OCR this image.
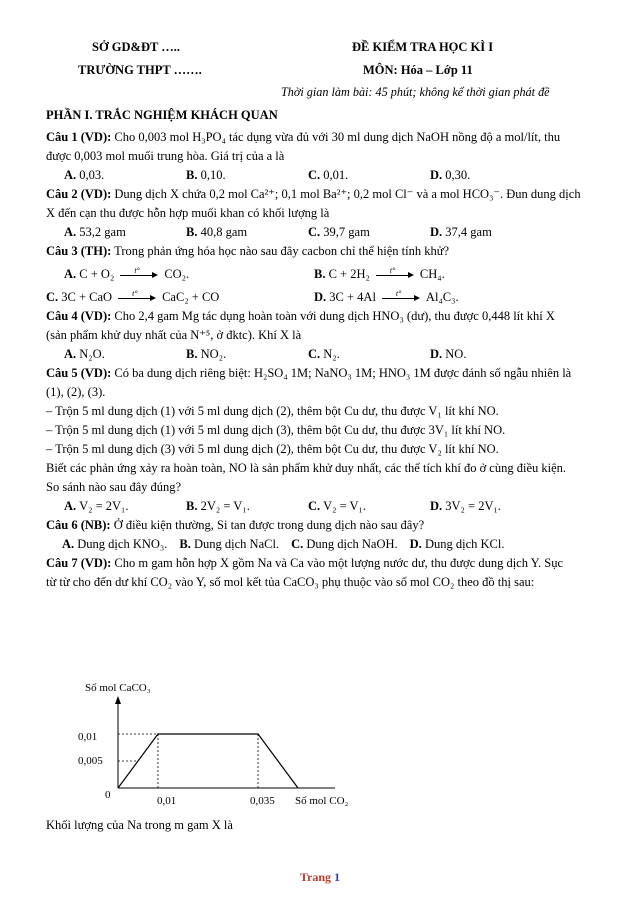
SỞ GD&ĐT …..
TRƯỜNG THPT …….
ĐỀ KIỂM TRA HỌC KÌ I
MÔN: Hóa – Lớp 11
Thời gian làm bài: 45 phút; không kể thời gian phát đề
PHẦN I. TRẮC NGHIỆM KHÁCH QUAN
Câu 1 (VD): Cho 0,003 mol H₃PO₄ tác dụng vừa đủ với 30 ml dung dịch NaOH nồng độ a mol/lít, thu
được 0,003 mol muối trung hòa. Giá trị của a là
A. 0,03.	B. 0,10.	C. 0,01.	D. 0,30.
Câu 2 (VD): Dung dịch X chứa 0,2 mol Ca²⁺; 0,1 mol Ba²⁺; 0,2 mol Cl⁻ và a mol HCO₃⁻. Đun dung dịch
X đến cạn thu được hỗn hợp muối khan có khối lượng là
A. 53,2 gam	B. 40,8 gam	C. 39,7 gam	D. 37,4 gam
Câu 3 (TH): Trong phản ứng hóa học nào sau đây cacbon chỉ thể hiện tính khử?
A. C + O₂	t° CO₂.	B. C + 2H₂	t° CH₄.
C. 3C + CaO	t° CaC₂ + CO	D. 3C + 4Al	t° Al₄C₃.
Câu 4 (VD): Cho 2,4 gam Mg tác dụng hoàn toàn với dung dịch HNO₃ (dư), thu được 0,448 lít khí X
(sản phẩm khử duy nhất của N⁺⁵, ở đktc). Khí X là
A. N₂O.	B. NO₂.	C. N₂.	D. NO.
Câu 5 (VD): Có ba dung dịch riêng biệt: H₂SO₄ 1M; NaNO₃ 1M; HNO₃ 1M được đánh số ngẫu nhiên là
(1), (2), (3).
– Trộn 5 ml dung dịch (1) với 5 ml dung dịch (2), thêm bột Cu dư, thu được V₁ lít khí NO.
– Trộn 5 ml dung dịch (1) với 5 ml dung dịch (3), thêm bột Cu dư, thu được 3V₁ lít khí NO.
– Trộn 5 ml dung dịch (3) với 5 ml dung dịch (2), thêm bột Cu dư, thu được V₂ lít khí NO.
Biết các phản ứng xảy ra hoàn toàn, NO là sản phẩm khử duy nhất, các thể tích khí đo ở cùng điều kiện.
So sánh nào sau đây đúng?
A. V₂ = 2V₁.	B. 2V₂ = V₁.	C. V₂ = V₁.	D. 3V₂ = 2V₁.
Câu 6 (NB): Ở điều kiện thường, Si tan được trong dung dịch nào sau đây?
A. Dung dịch KNO₃. B. Dung dịch NaCl. C. Dung dịch NaOH. D. Dung dịch KCl.
Câu 7 (VD): Cho m gam hỗn hợp X gồm Na và Ca vào một lượng nước dư, thu được dung dịch Y. Sục
từ từ cho đến dư khí CO₂ vào Y, số mol kết tủa CaCO₃ phụ thuộc vào số mol CO₂ theo đồ thị sau:
Số mol CaCO₃
Số mol CO₂
0
0,01
0,005
0,01	0,035
Khối lượng của Na trong m gam X là
Trang 1
